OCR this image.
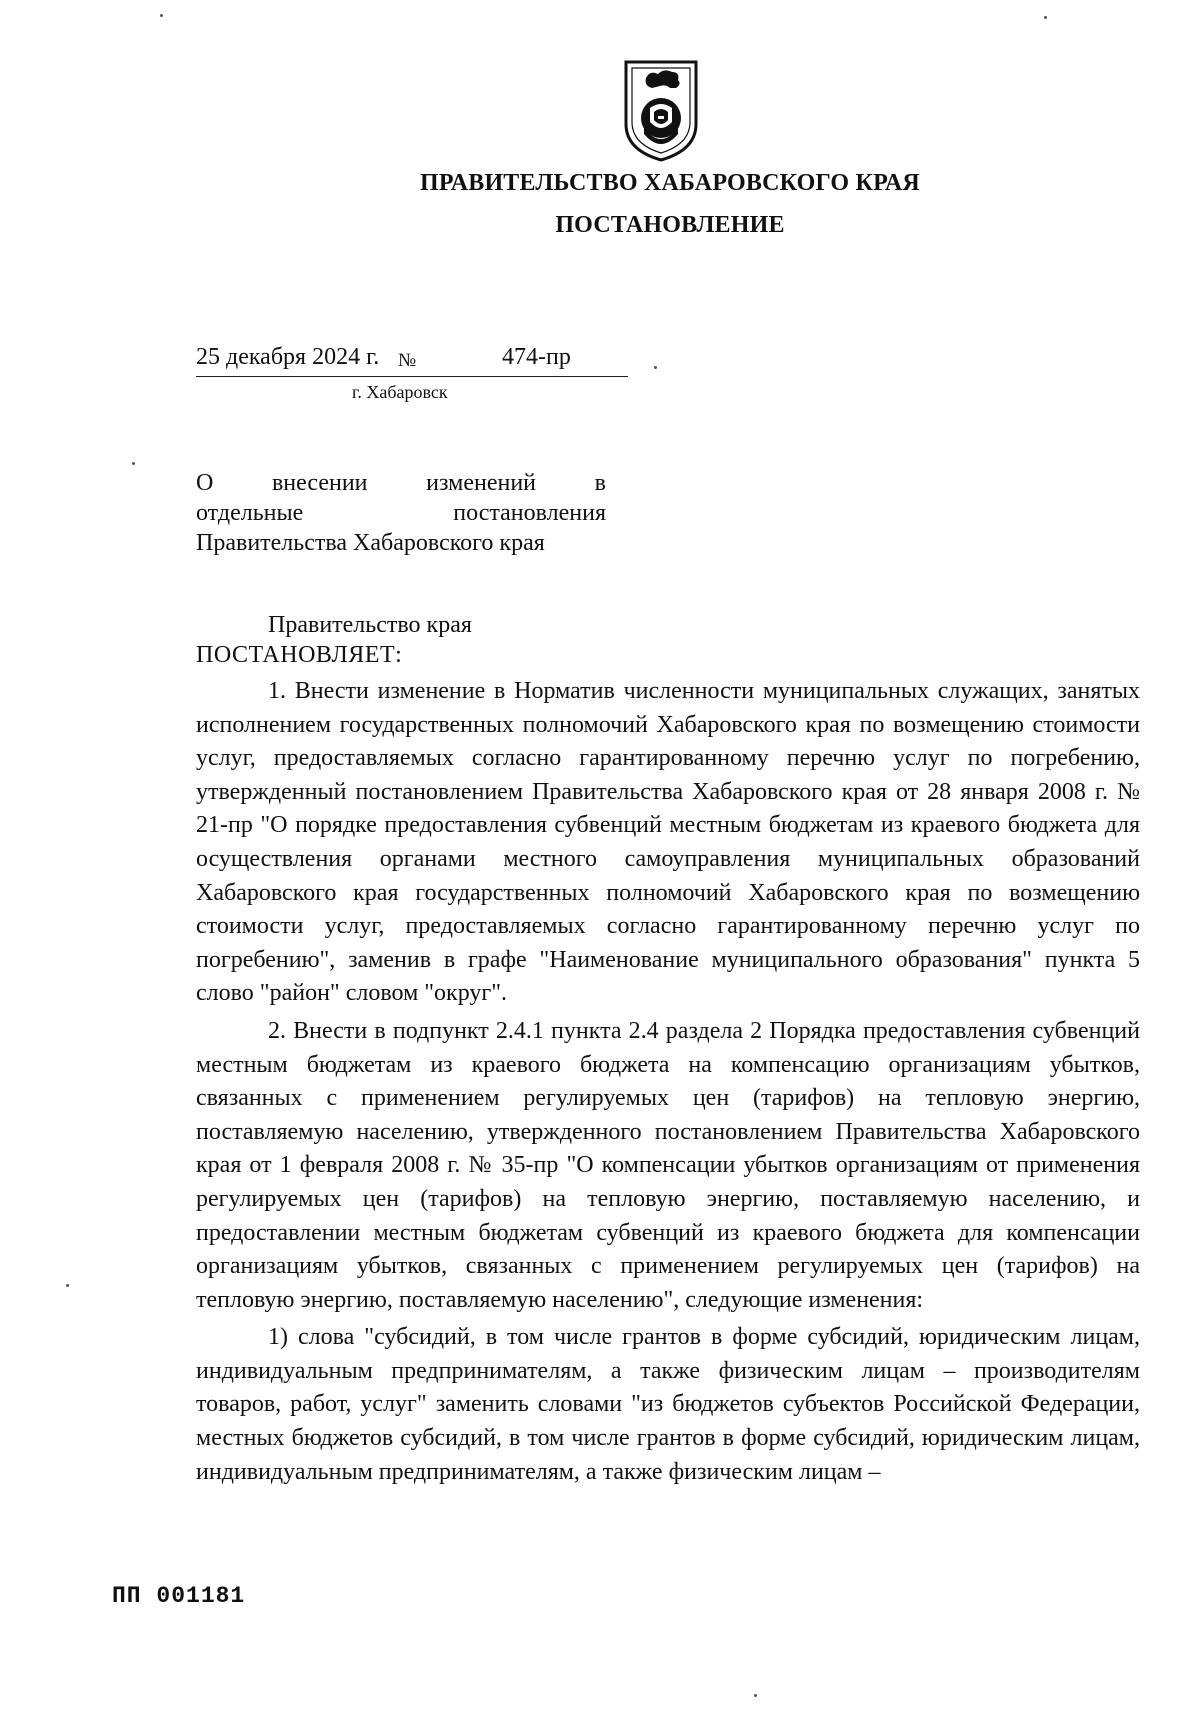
ПРАВИТЕЛЬСТВО ХАБАРОВСКОГО КРАЯ
ПОСТАНОВЛЕНИЕ
25 декабря 2024 г. №	474-пр
г. Хабаровск
О внесении изменений в
отдельные постановления
Правительства Хабаровского края
Правительство края
ПОСТАНОВЛЯЕТ:

1. Внести изменение в Норматив численности муниципальных служащих, занятых исполнением государственных полномочий Хабаровского края по возмещению стоимости услуг, предоставляемых согласно гарантированному перечню услуг по погребению, утвержденный постановлением Правительства Хабаровского края от 28 января 2008 г. № 21-пр "О порядке предоставления субвенций местным бюджетам из краевого бюджета для осуществления органами местного самоуправления муниципальных образований Хабаровского края государственных полномочий Хабаровского края по возмещению стоимости услуг, предоставляемых согласно гарантированному перечню услуг по погребению", заменив в графе "Наименование муниципального образования" пункта 5 слово "район" словом "округ".

2. Внести в подпункт 2.4.1 пункта 2.4 раздела 2 Порядка предоставления субвенций местным бюджетам из краевого бюджета на компенсацию организациям убытков, связанных с применением регулируемых цен (тарифов) на тепловую энергию, поставляемую населению, утвержденного постановлением Правительства Хабаровского края от 1 февраля 2008 г. № 35-пр "О компенсации убытков организациям от применения регулируемых цен (тарифов) на тепловую энергию, поставляемую населению, и предоставлении местным бюджетам субвенций из краевого бюджета для компенсации организациям убытков, связанных с применением регулируемых цен (тарифов) на тепловую энергию, поставляемую населению", следующие изменения:

1) слова "субсидий, в том числе грантов в форме субсидий, юридическим лицам, индивидуальным предпринимателям, а также физическим лицам – производителям товаров, работ, услуг" заменить словами "из бюджетов субъектов Российской Федерации, местных бюджетов субсидий, в том числе грантов в форме субсидий, юридическим лицам, индивидуальным предпринимателям, а также физическим лицам –

ПП 001181
